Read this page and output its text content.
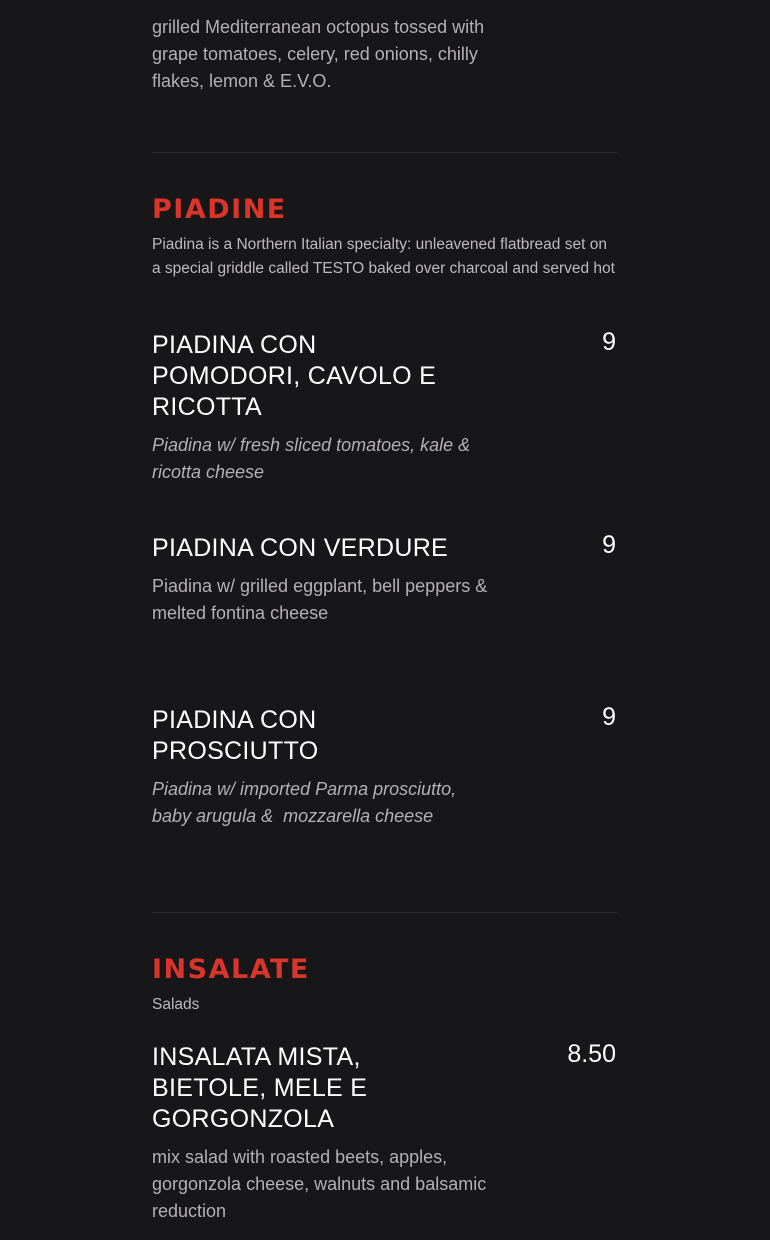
grilled Mediterranean octopus tossed with grape tomatoes, celery, red onions, chilly flakes, lemon & E.V.O.

PIADINE

Piadina is a Northern Italian specialty: unleavened flatbread set on a special griddle called TESTO baked over charcoal and served hot

PIADINA CON POMODORI, CAVOLO E RICOTTA
9

Piadina w/ fresh sliced tomatoes, kale & ricotta cheese

PIADINA CON VERDURE	9

Piadina w/ grilled eggplant, bell peppers & melted fontina cheese

PIADINA CON PROSCIUTTO
9

Piadina w/ imported Parma prosciutto, baby arugula &  mozzarella cheese

INSALATE

Salads

INSALATA MISTA, BIETOLE, MELE E GORGONZOLA
8.50

mix salad with roasted beets, apples, gorgonzola cheese, walnuts and balsamic reduction
